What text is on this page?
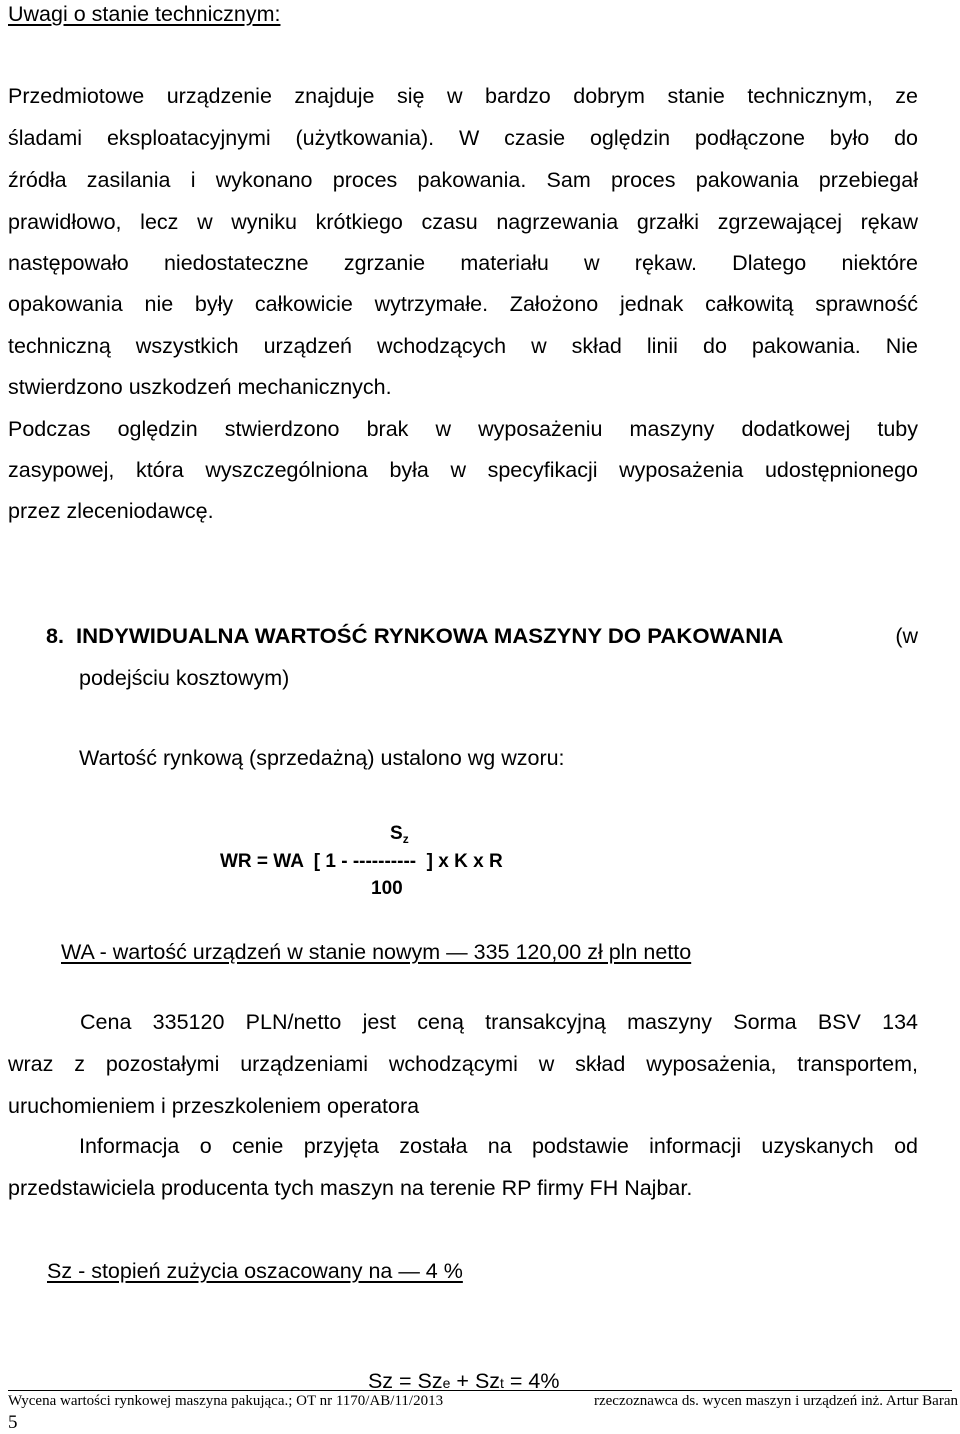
Uwagi o stanie technicznym:
Przedmiotowe urządzenie znajduje się w bardzo dobrym stanie technicznym, ze
śladami eksploatacyjnymi (użytkowania). W czasie oględzin podłączone było do
źródła zasilania i wykonano proces pakowania. Sam proces pakowania przebiegał
prawidłowo, lecz w wyniku krótkiego czasu nagrzewania grzałki zgrzewającej rękaw
następowało niedostateczne zgrzanie materiału w rękaw. Dlatego niektóre
opakowania nie były całkowicie wytrzymałe. Założono jednak całkowitą sprawność
techniczną wszystkich urządzeń wchodzących w skład linii do pakowania. Nie
stwierdzono uszkodzeń mechanicznych.
Podczas oględzin stwierdzono brak w wyposażeniu maszyny dodatkowej tuby
zasypowej, która wyszczególniona była w specyfikacji wyposażenia udostępnionego
przez zleceniodawcę.
8. INDYWIDUALNA WARTOŚĆ RYNKOWA MASZYNY DO PAKOWANIA	(w
podejściu kosztowym)
Wartość rynkową (sprzedażną) ustalono wg wzoru:
$S_z$
WR = WA  [ 1 - ----------  ] x K x R
100
WA - wartość urządzeń w stanie nowym — 335 120,00 zł pln netto
Cena 335120 PLN/netto jest ceną transakcyjną maszyny Sorma BSV 134
wraz z pozostałymi urządzeniami wchodzącymi w skład wyposażenia, transportem,
uruchomieniem i przeszkoleniem operatora
Informacja o cenie przyjęta została na podstawie informacji uzyskanych od
przedstawiciela producenta tych maszyn na terenie RP firmy FH Najbar.
Sz - stopień zużycia oszacowany na — 4 %

Sz = Sze + Szt = 4%

Wycena wartości rynkowej maszyna pakująca.; OT nr 1170/AB/11/2013	rzeczoznawca ds. wycen maszyn i urządzeń inż. Artur Baran
5
